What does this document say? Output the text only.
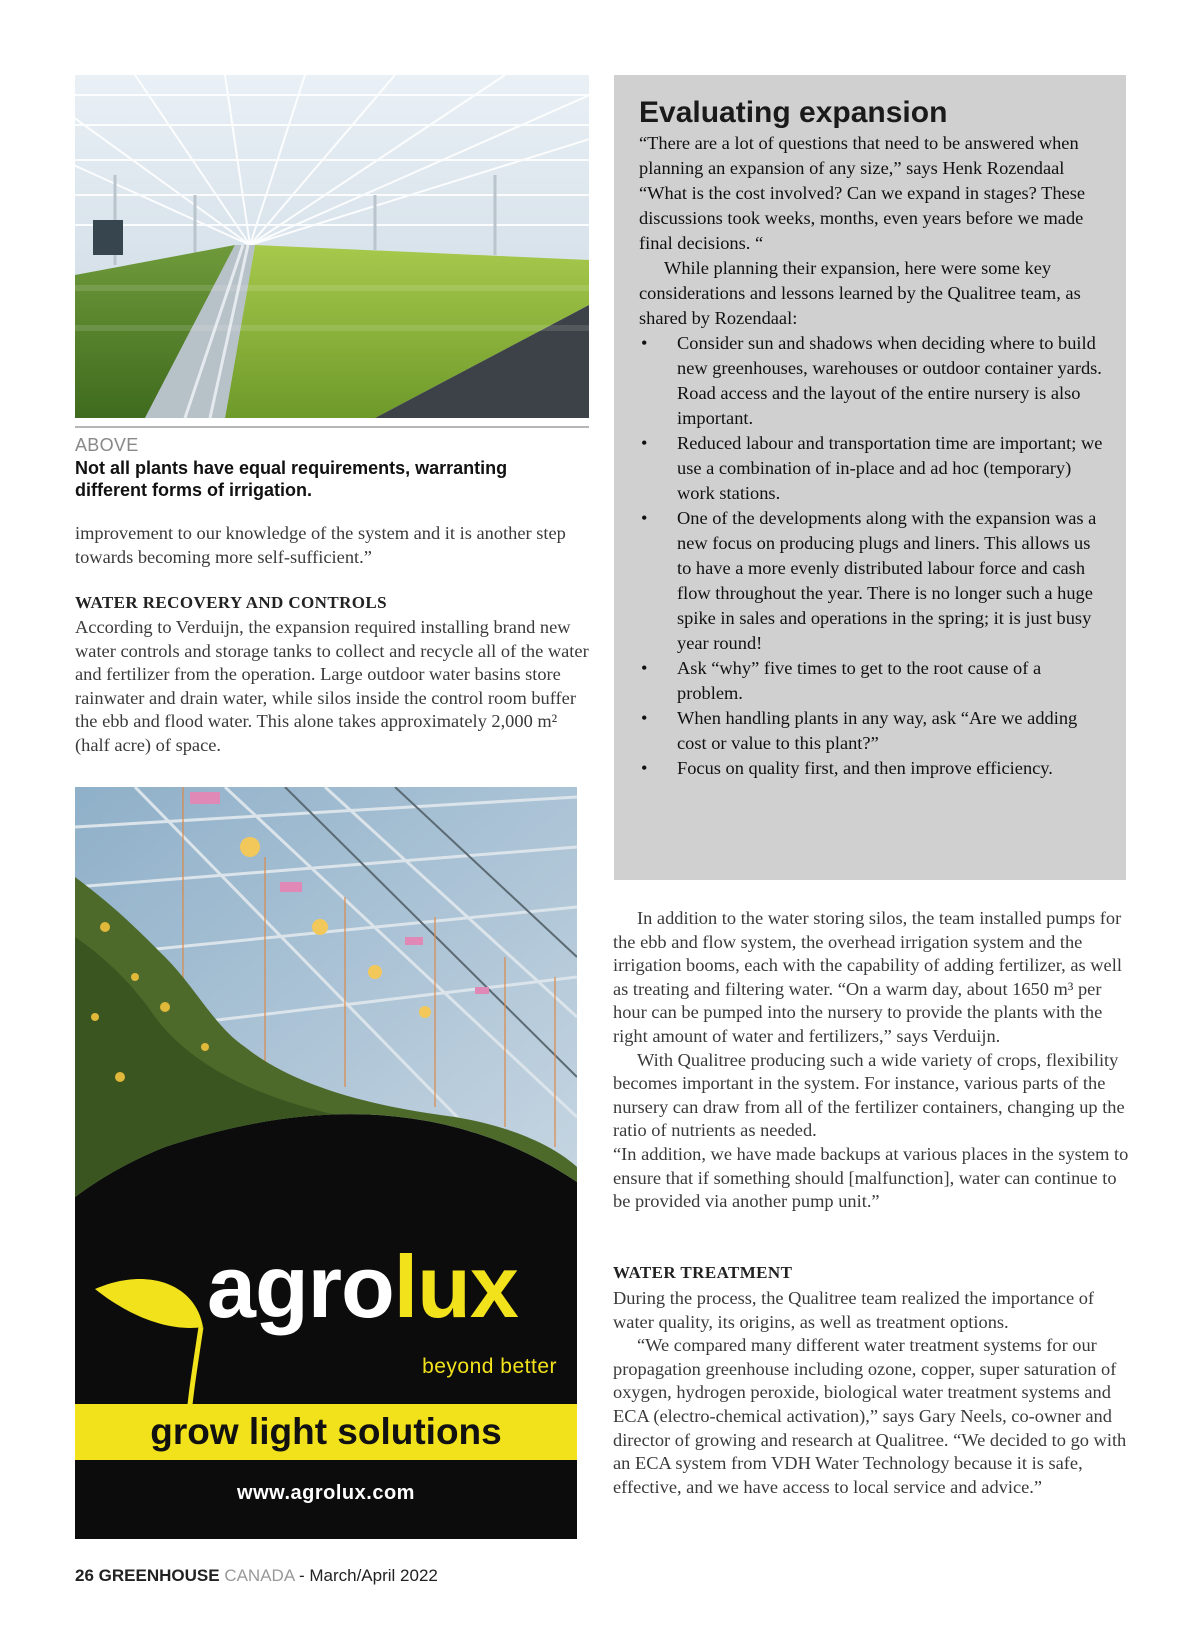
ABOVE
Not all plants have equal requirements, warranting different forms of irrigation.

improvement to our knowledge of the system and it is another step towards becoming more self-sufficient.”

WATER RECOVERY AND CONTROLS

According to Verduijn, the expansion required installing brand new water controls and storage tanks to collect and recycle all of the water and fertilizer from the operation. Large outdoor water basins store rainwater and drain water, while silos inside the control room buffer the ebb and flood water. This alone takes approximately 2,000 m² (half acre) of space.

agrolux
beyond better
grow light solutions
www.agrolux.com
Evaluating expansion

“There are a lot of questions that need to be answered when planning an expansion of any size,” says Henk Rozendaal “What is the cost involved? Can we expand in stages? These discussions took weeks, months, even years before we made final decisions. “

While planning their expansion, here were some key considerations and lessons learned by the Qualitree team, as shared by Rozendaal:

• Consider sun and shadows when deciding where to build new greenhouses, warehouses or outdoor container yards. Road access and the layout of the entire nursery is also important.
• Reduced labour and transportation time are important; we use a combination of in-place and ad hoc (temporary) work stations.
• One of the developments along with the expansion was a new focus on producing plugs and liners. This allows us to have a more evenly distributed labour force and cash flow throughout the year. There is no longer such a huge spike in sales and operations in the spring; it is just busy year round!
• Ask “why” five times to get to the root cause of a problem.
• When handling plants in any way, ask “Are we adding cost or value to this plant?”
• Focus on quality first, and then improve efficiency.

In addition to the water storing silos, the team installed pumps for the ebb and flow system, the overhead irrigation system and the irrigation booms, each with the capability of adding fertilizer, as well as treating and filtering water. “On a warm day, about 1650 m³ per hour can be pumped into the nursery to provide the plants with the right amount of water and fertilizers,” says Verduijn.

With Qualitree producing such a wide variety of crops, flexibility becomes important in the system. For instance, various parts of the nursery can draw from all of the fertilizer containers, changing up the ratio of nutrients as needed.

“In addition, we have made backups at various places in the system to ensure that if something should [malfunction], water can continue to be provided via another pump unit.”

WATER TREATMENT

During the process, the Qualitree team realized the importance of water quality, its origins, as well as treatment options.

“We compared many different water treatment systems for our propagation greenhouse including ozone, copper, super saturation of oxygen, hydrogen peroxide, biological water treatment systems and ECA (electro-chemical activation),” says Gary Neels, co-owner and director of growing and research at Qualitree. “We decided to go with an ECA system from VDH Water Technology because it is safe, effective, and we have access to local service and advice.”

26 GREENHOUSE CANADA - March/April 2022
